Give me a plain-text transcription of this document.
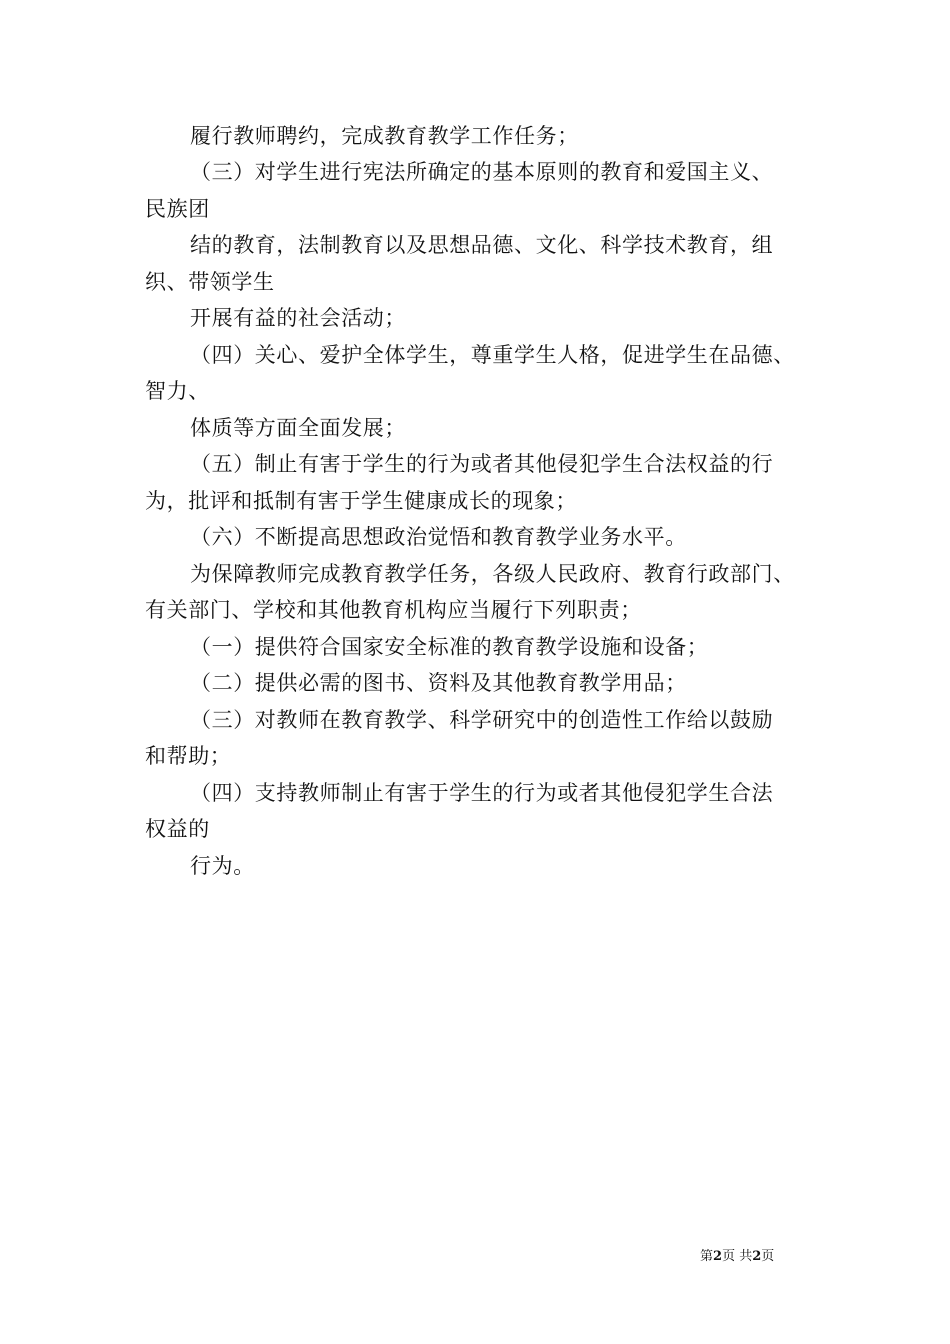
履行教师聘约，完成教育教学工作任务；
（三）对学生进行宪法所确定的基本原则的教育和爱国主义、
民族团
结的教育，法制教育以及思想品德、文化、科学技术教育，组
织、带领学生
开展有益的社会活动；
（四）关心、爱护全体学生，尊重学生人格，促进学生在品德、
智力、
体质等方面全面发展；
（五）制止有害于学生的行为或者其他侵犯学生合法权益的行
为，批评和抵制有害于学生健康成长的现象；
（六）不断提高思想政治觉悟和教育教学业务水平。
为保障教师完成教育教学任务，各级人民政府、教育行政部门、
有关部门、学校和其他教育机构应当履行下列职责；
（一）提供符合国家安全标准的教育教学设施和设备；
（二）提供必需的图书、资料及其他教育教学用品；
（三）对教师在教育教学、科学研究中的创造性工作给以鼓励
和帮助；
（四）支持教师制止有害于学生的行为或者其他侵犯学生合法
权益的
行为。
第2页 共2页
